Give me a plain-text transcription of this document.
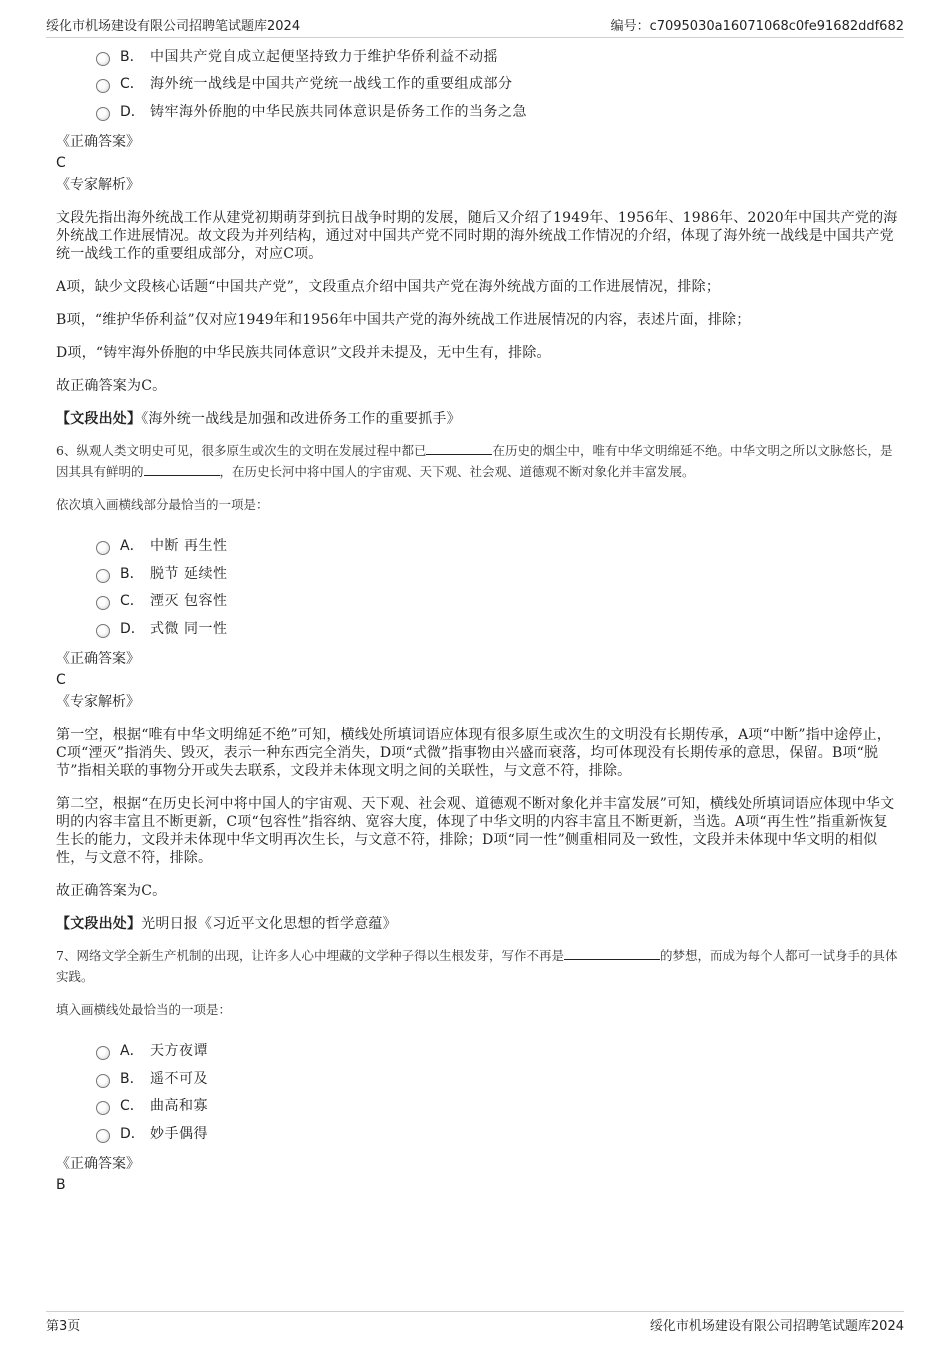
绥化市机场建设有限公司招聘笔试题库2024	编号：c7095030a16071068c0fe91682ddf682
B． 中国共产党自成立起便坚持致力于维护华侨利益不动摇
C． 海外统一战线是中国共产党统一战线工作的重要组成部分
D． 铸牢海外侨胞的中华民族共同体意识是侨务工作的当务之急
《正确答案》
C
《专家解析》

文段先指出海外统战工作从建党初期萌芽到抗日战争时期的发展，随后又介绍了1949年、1956年、1986年、2020年中国共产党的海外统战工作进展情况。故文段为并列结构，通过对中国共产党不同时期的海外统战工作情况的介绍，体现了海外统一战线是中国共产党统一战线工作的重要组成部分，对应C项。

A项，缺少文段核心话题“中国共产党”，文段重点介绍中国共产党在海外统战方面的工作进展情况，排除；

B项，“维护华侨利益”仅对应1949年和1956年中国共产党的海外统战工作进展情况的内容，表述片面，排除；

D项，“铸牢海外侨胞的中华民族共同体意识”文段并未提及，无中生有，排除。

故正确答案为C。

【文段出处】《海外统一战线是加强和改进侨务工作的重要抓手》

6、纵观人类文明史可见，很多原生或次生的文明在发展过程中都已	在历史的烟尘中，唯有中华文明绵延不绝。中华文明之所以文脉悠长，是因其具有鲜明的	，在历史长河中将中国人的宇宙观、天下观、社会观、道德观不断对象化并丰富发展。

依次填入画横线部分最恰当的一项是：

A． 中断 再生性
B． 脱节 延续性
C． 湮灭 包容性
D． 式微 同一性
《正确答案》
C
《专家解析》

第一空，根据“唯有中华文明绵延不绝”可知，横线处所填词语应体现有很多原生或次生的文明没有长期传承，A项“中断”指中途停止，C项“湮灭”指消失、毁灭，表示一种东西完全消失，D项“式微”指事物由兴盛而衰落，均可体现没有长期传承的意思，保留。B项“脱节”指相关联的事物分开或失去联系，文段并未体现文明之间的关联性，与文意不符，排除。

第二空，根据“在历史长河中将中国人的宇宙观、天下观、社会观、道德观不断对象化并丰富发展”可知，横线处所填词语应体现中华文明的内容丰富且不断更新，C项“包容性”指容纳、宽容大度，体现了中华文明的内容丰富且不断更新，当选。A项“再生性”指重新恢复生长的能力，文段并未体现中华文明再次生长，与文意不符，排除；D项“同一性”侧重相同及一致性，文段并未体现中华文明的相似性，与文意不符，排除。

故正确答案为C。

【文段出处】光明日报《习近平文化思想的哲学意蕴》

7、网络文学全新生产机制的出现，让许多人心中埋藏的文学种子得以生根发芽，写作不再是	的梦想，而成为每个人都可一试身手的具体实践。

填入画横线处最恰当的一项是：

A． 天方夜谭
B． 遥不可及
C． 曲高和寡
D． 妙手偶得
《正确答案》
B
第3页	绥化市机场建设有限公司招聘笔试题库2024
